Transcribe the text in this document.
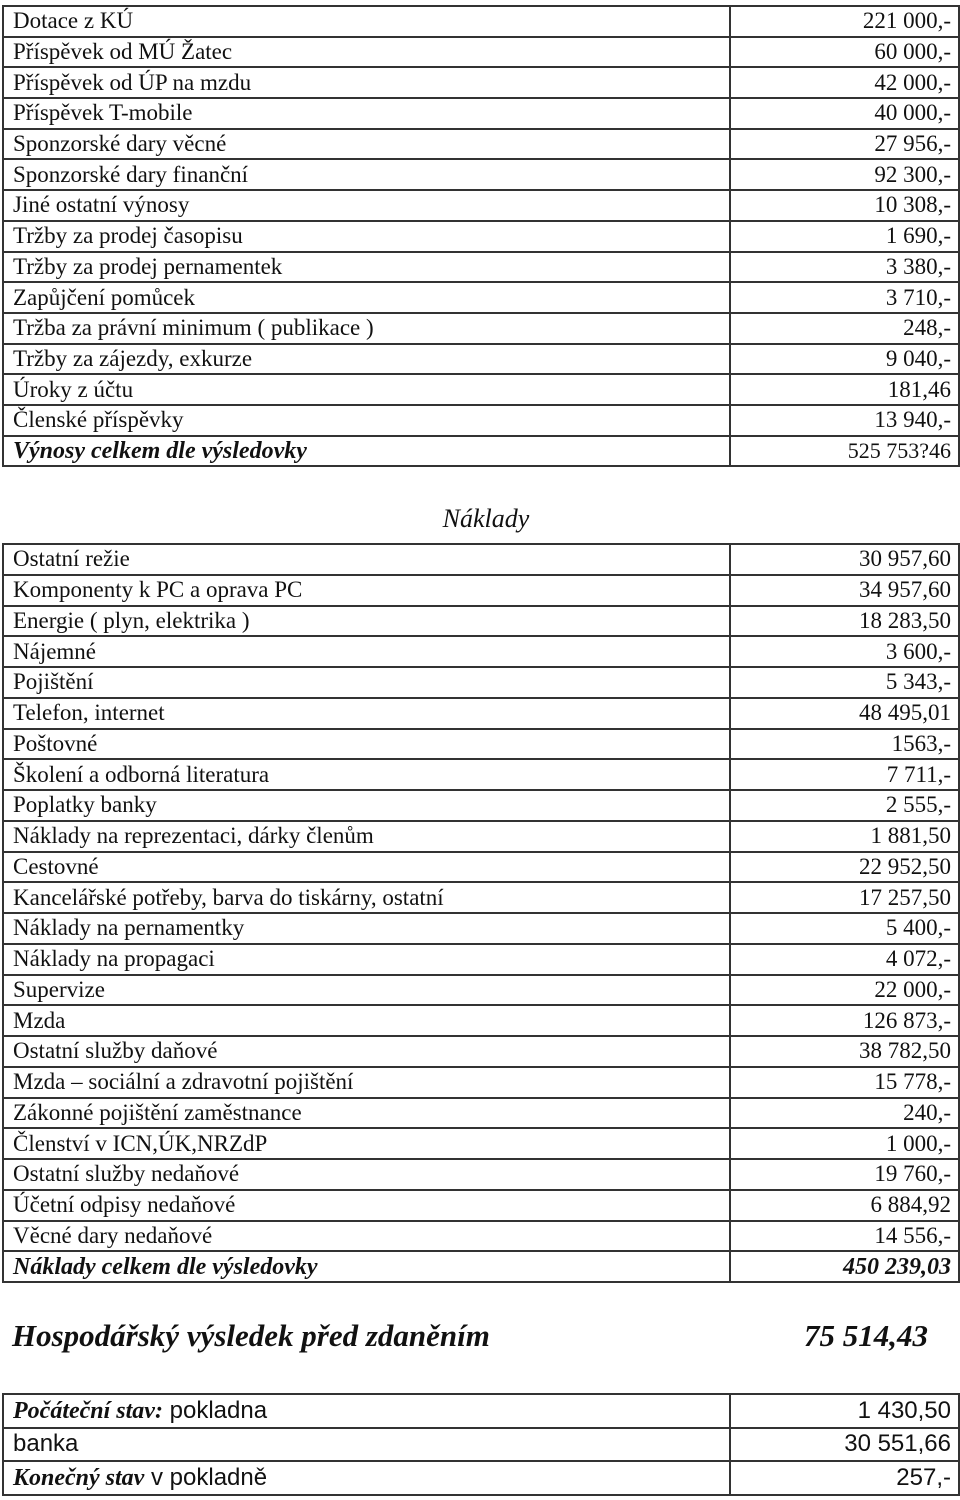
Dotace z KÚ	221 000,-
Příspěvek od MÚ Žatec	60 000,-
Příspěvek od ÚP na mzdu	42 000,-
Příspěvek T-mobile	40 000,-
Sponzorské dary věcné	27 956,-
Sponzorské dary finanční	92 300,-
Jiné ostatní výnosy	10 308,-
Tržby za prodej časopisu	1 690,-
Tržby za prodej pernamentek	3 380,-
Zapůjčení pomůcek	3 710,-
Tržba za právní minimum ( publikace )	248,-
Tržby za zájezdy, exkurze	9 040,-
Úroky z účtu	181,46
Členské příspěvky	13 940,-
Výnosy celkem dle výsledovky	525 753?46
Náklady
Ostatní režie	30 957,60
Komponenty k PC a oprava PC	34 957,60
Energie ( plyn, elektrika )	18 283,50
Nájemné	3 600,-
Pojištění	5 343,-
Telefon, internet	48 495,01
Poštovné	1563,-
Školení a odborná literatura	7 711,-
Poplatky banky	2 555,-
Náklady na reprezentaci, dárky členům	1 881,50
Cestovné	22 952,50
Kancelářské potřeby, barva do tiskárny, ostatní	17 257,50
Náklady na pernamentky	5 400,-
Náklady na propagaci	4 072,-
Supervize	22 000,-
Mzda	126 873,-
Ostatní služby daňové	38 782,50
Mzda – sociální a zdravotní pojištění	15 778,-
Zákonné pojištění zaměstnance	240,-
Členství v ICN,ÚK,NRZdP	1 000,-
Ostatní služby nedaňové	19 760,-
Účetní odpisy nedaňové	6 884,92
Věcné dary nedaňové	14 556,-
Náklady celkem dle výsledovky	450 239,03
Hospodářský výsledek před zdaněním	75 514,43
Počáteční stav: pokladna	1 430,50
banka	30 551,66
Konečný stav v pokladně	257,-
